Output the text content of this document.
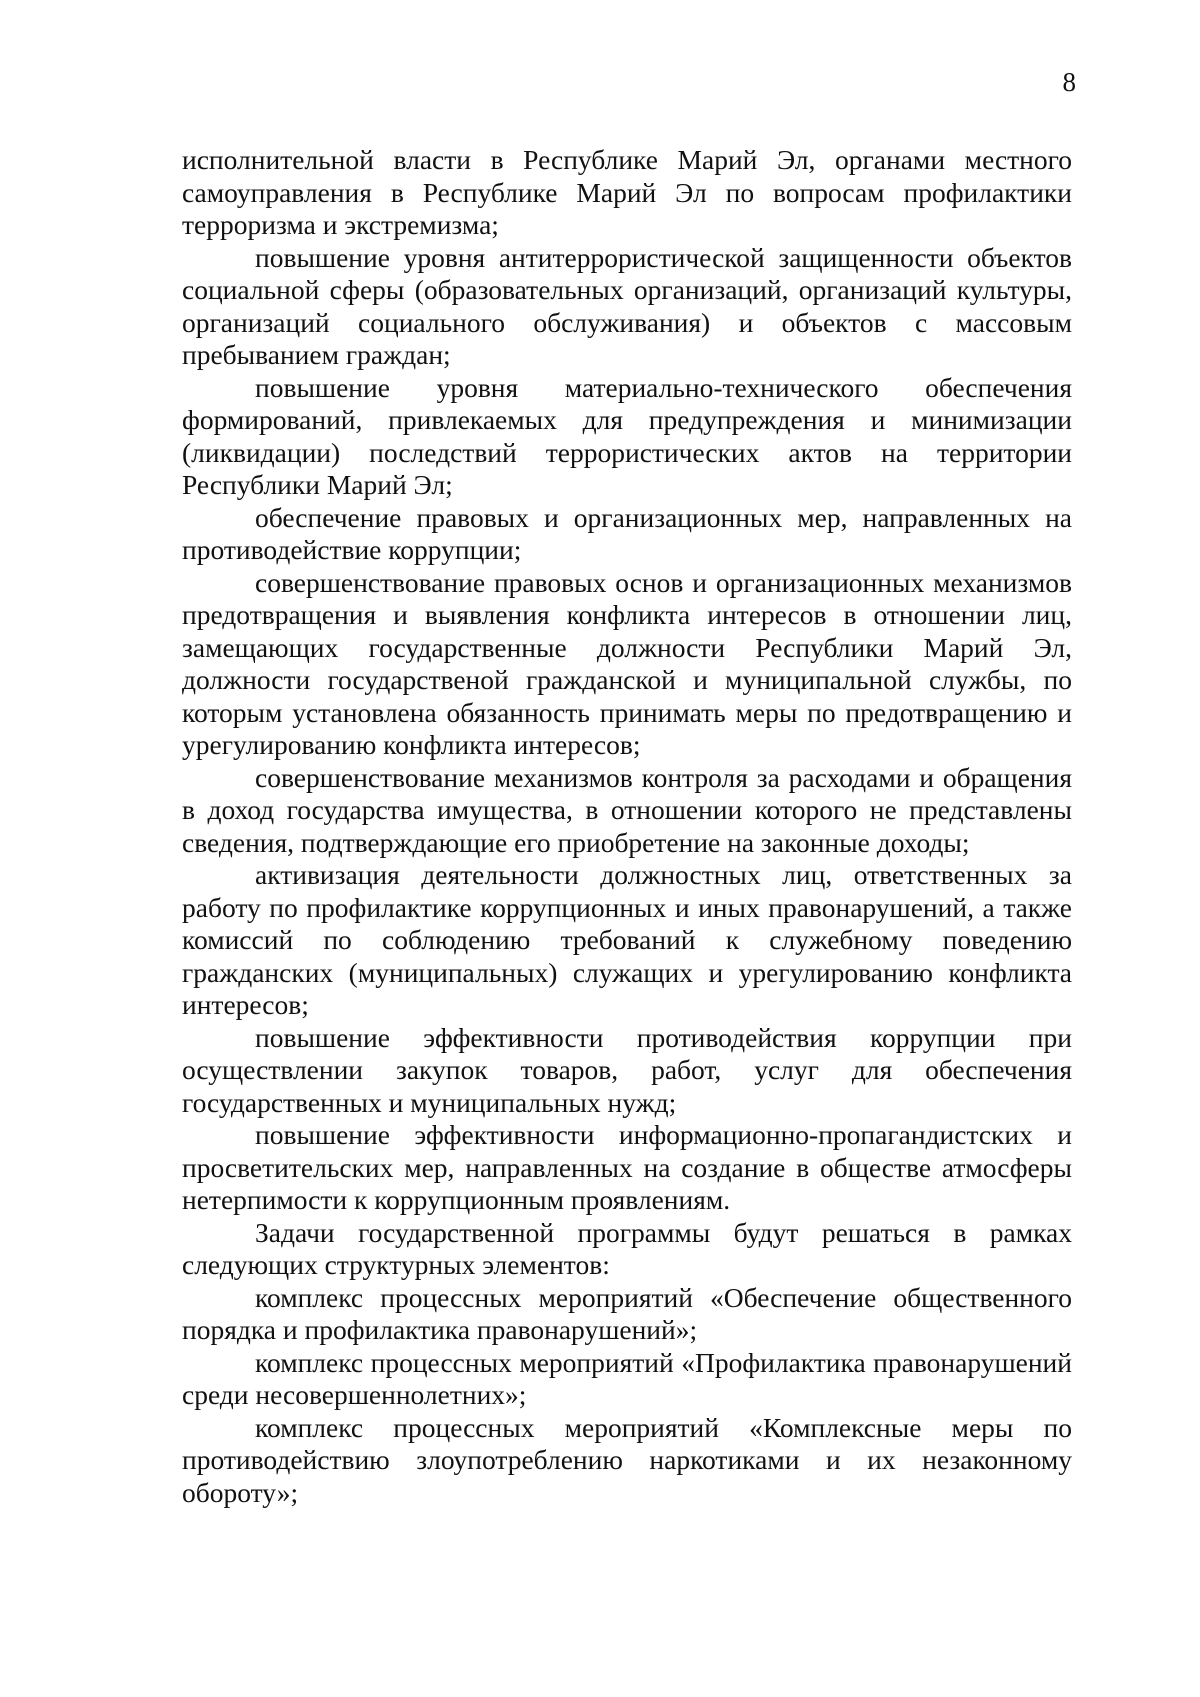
8

исполнительной власти в Республике Марий Эл, органами местного самоуправления в Республике Марий Эл по вопросам профилактики терроризма и экстремизма;

повышение уровня антитеррористической защищенности объектов социальной сферы (образовательных организаций, организаций культуры, организаций социального обслуживания) и объектов с массовым пребыванием граждан;

повышение уровня материально-технического обеспечения формирований, привлекаемых для предупреждения и минимизации (ликвидации) последствий террористических актов на территории Республики Марий Эл;

обеспечение правовых и организационных мер, направленных на противодействие коррупции;

совершенствование правовых основ и организационных механизмов предотвращения и выявления конфликта интересов в отношении лиц, замещающих государственные должности Республики Марий Эл, должности государственой гражданской и муниципальной службы, по которым установлена обязанность принимать меры по предотвращению и урегулированию конфликта интересов;

совершенствование механизмов контроля за расходами и обращения в доход государства имущества, в отношении которого не представлены сведения, подтверждающие его приобретение на законные доходы;

активизация деятельности должностных лиц, ответственных за работу по профилактике коррупционных и иных правонарушений, а также комиссий по соблюдению требований к служебному поведению гражданских (муниципальных) служащих и урегулированию конфликта интересов;

повышение эффективности противодействия коррупции при осуществлении закупок товаров, работ, услуг для обеспечения государственных и муниципальных нужд;

повышение эффективности информационно-пропагандистских и просветительских мер, направленных на создание в обществе атмосферы нетерпимости к коррупционным проявлениям.

Задачи государственной программы будут решаться в рамках следующих структурных элементов:

комплекс процессных мероприятий «Обеспечение общественного порядка и профилактика правонарушений»;

комплекс процессных мероприятий «Профилактика правонарушений среди несовершеннолетних»;

комплекс процессных мероприятий «Комплексные меры по противодействию злоупотреблению наркотиками и их незаконному обороту»;
